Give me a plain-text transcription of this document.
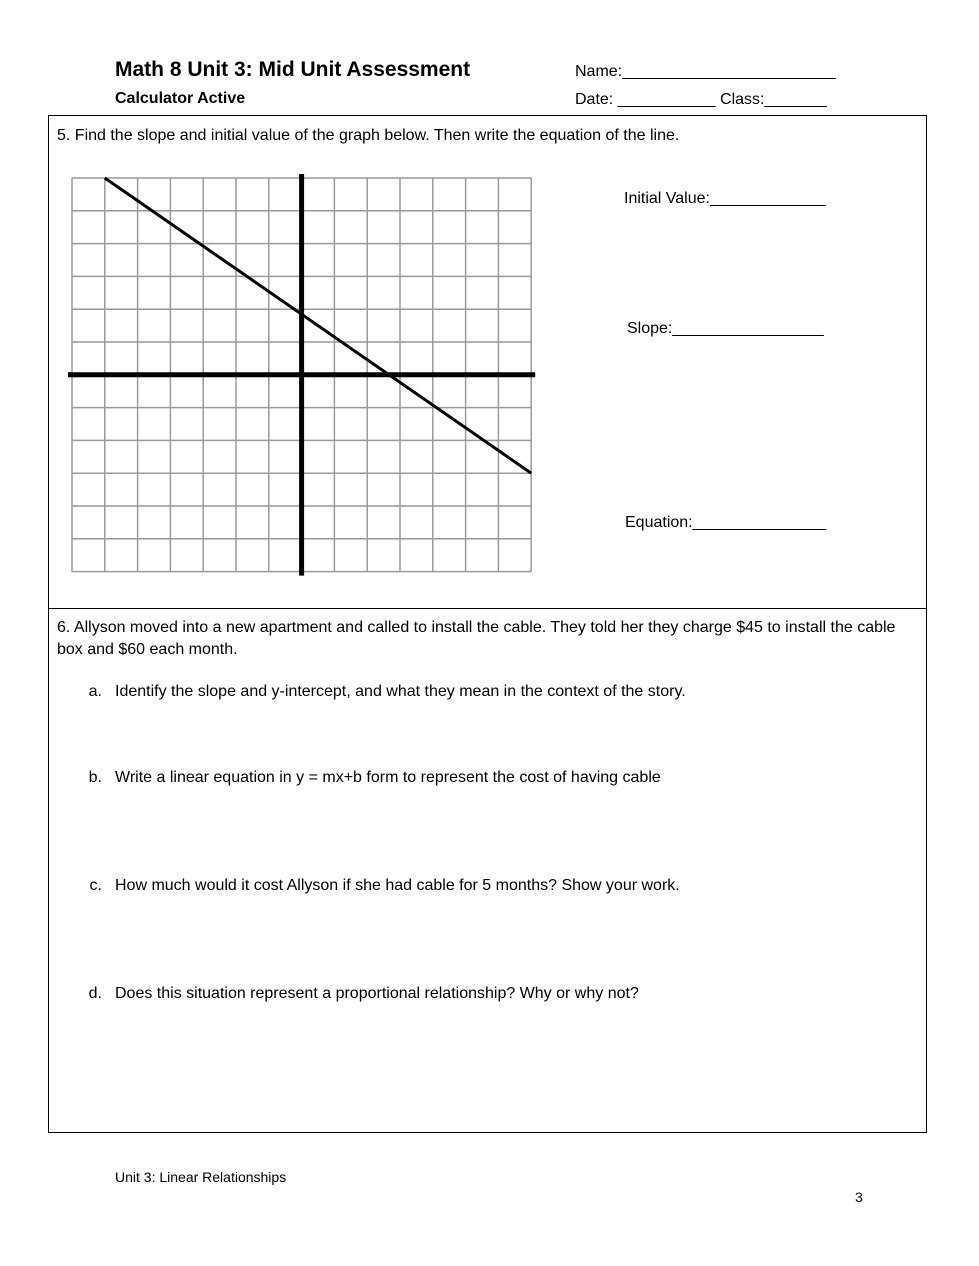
Math 8 Unit 3: Mid Unit Assessment
Calculator Active
Name:________________________
Date: ___________ Class:_______
5. Find the slope and initial value of the graph below. Then write the equation of the line.
Initial Value:_____________
Slope:_________________
Equation:_______________
6. Allyson moved into a new apartment and called to install the cable. They told her they charge $45 to install the cable box and $60 each month.
a. Identify the slope and y-intercept, and what they mean in the context of the story.
b. Write a linear equation in y = mx+b form to represent the cost of having cable
c. How much would it cost Allyson if she had cable for 5 months? Show your work.
d. Does this situation represent a proportional relationship? Why or why not?
Unit 3: Linear Relationships
3
